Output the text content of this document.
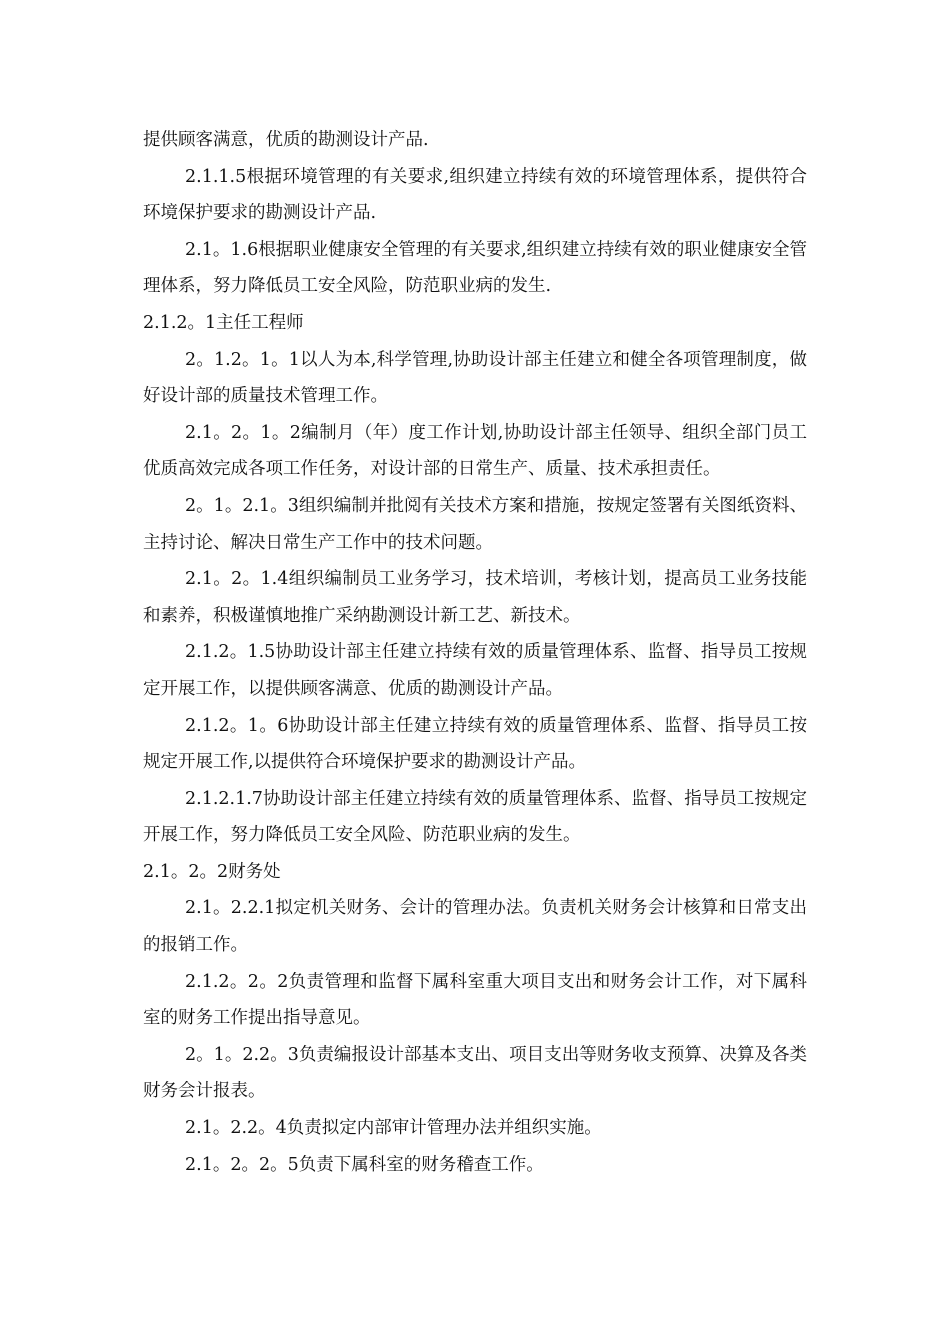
提供顾客满意，优质的勘测设计产品.

2.1.1.5根据环境管理的有关要求,组织建立持续有效的环境管理体系，提供符合环境保护要求的勘测设计产品.

2.1。1.6根据职业健康安全管理的有关要求,组织建立持续有效的职业健康安全管理体系，努力降低员工安全风险，防范职业病的发生.

2.1.2。1主任工程师

2。1.2。1。1以人为本,科学管理,协助设计部主任建立和健全各项管理制度，做好设计部的质量技术管理工作。

2.1。2。1。2编制月（年）度工作计划,协助设计部主任领导、组织全部门员工优质高效完成各项工作任务，对设计部的日常生产、质量、技术承担责任。

2。1。2.1。3组织编制并批阅有关技术方案和措施，按规定签署有关图纸资料、主持讨论、解决日常生产工作中的技术问题。

2.1。2。1.4组织编制员工业务学习，技术培训，考核计划，提高员工业务技能和素养，积极谨慎地推广采纳勘测设计新工艺、新技术。

2.1.2。1.5协助设计部主任建立持续有效的质量管理体系、监督、指导员工按规定开展工作，以提供顾客满意、优质的勘测设计产品。

2.1.2。1。6协助设计部主任建立持续有效的质量管理体系、监督、指导员工按规定开展工作,以提供符合环境保护要求的勘测设计产品。

2.1.2.1.7协助设计部主任建立持续有效的质量管理体系、监督、指导员工按规定开展工作，努力降低员工安全风险、防范职业病的发生。

2.1。2。2财务处

2.1。2.2.1拟定机关财务、会计的管理办法。负责机关财务会计核算和日常支出的报销工作。

2.1.2。2。2负责管理和监督下属科室重大项目支出和财务会计工作，对下属科室的财务工作提出指导意见。

2。1。2.2。3负责编报设计部基本支出、项目支出等财务收支预算、决算及各类财务会计报表。

2.1。2.2。4负责拟定内部审计管理办法并组织实施。

2.1。2。2。5负责下属科室的财务稽查工作。
